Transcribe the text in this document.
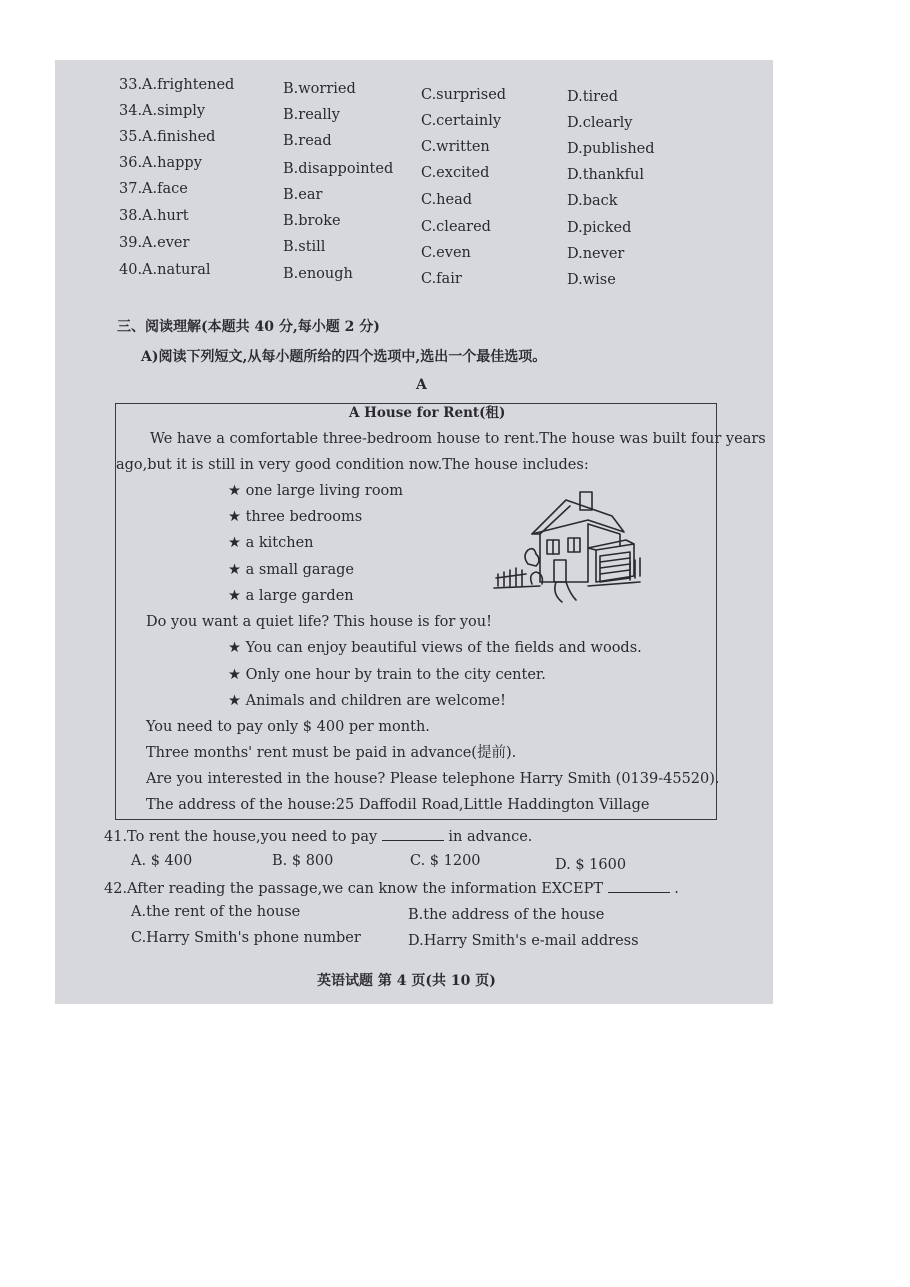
33.A.frightened	B.worried	C.surprised	D.tired
34.A.simply	B.really	C.certainly	D.clearly
35.A.finished	B.read	C.written	D.published
36.A.happy	B.disappointed C.excited	D.thankful
37.A.face	B.ear	C.head	D.back
38.A.hurt	B.broke	C.cleared	D.picked
39.A.ever	B.still	C.even	D.never
40.A.natural	B.enough	C.fair	D.wise
三、阅读理解(本题共 40 分,每小题 2 分)
A)阅读下列短文,从每小题所给的四个选项中,选出一个最佳选项。
A
A House for Rent(租)
We have a comfortable three-bedroom house to rent.The house was built four years
ago,but it is still in very good condition now.The house includes:
★ one large living room
★ three bedrooms
★ a kitchen
★ a small garage
★ a large garden
Do you want a quiet life? This house is for you!
★ You can enjoy beautiful views of the fields and woods.
★ Only one hour by train to the city center.
★ Animals and children are welcome!
You need to pay only $ 400 per month.
Three months' rent must be paid in advance(提前).
Are you interested in the house? Please telephone Harry Smith (0139-45520).
The address of the house:25 Daffodil Road,Little Haddington Village
41.To rent the house,you need to pay	in advance.
A. $ 400	B. $ 800	C. $ 1200	D. $ 1600
42.After reading the passage,we can know the information EXCEPT	.
A.the rent of the house	B.the address of the house
C.Harry Smith's phone number	D.Harry Smith's e-mail address
英语试题 第 4 页(共 10 页)
